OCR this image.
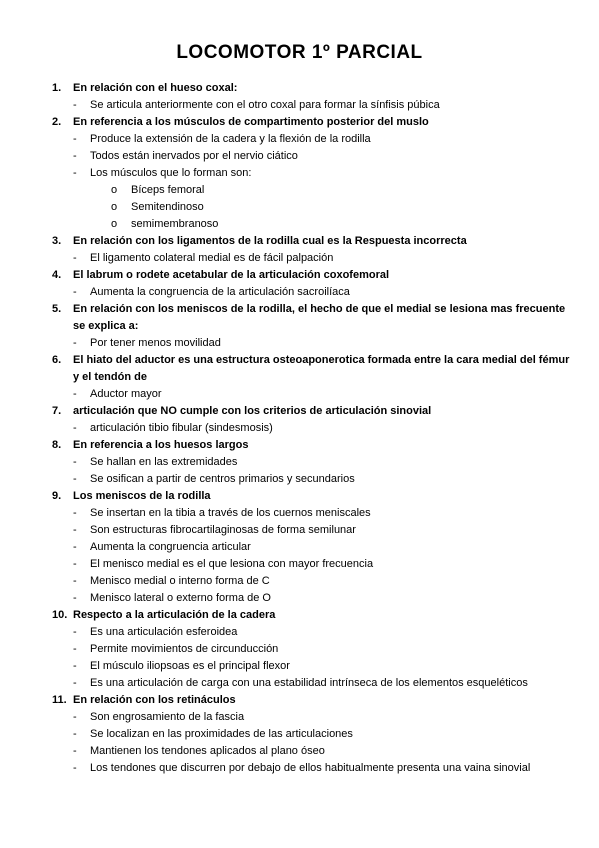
LOCOMOTOR 1º PARCIAL
1.	En relación con el hueso coxal:
-	Se articula anteriormente con el otro coxal para formar la sínfisis púbica
2.	En referencia a los músculos de compartimento posterior del muslo
-	Produce la extensión de la cadera y la flexión de la rodilla
-	Todos están inervados por el nervio ciático
-	Los músculos que lo forman son:
o	Bíceps femoral
o	Semitendinoso
o	semimembranoso
3.	En relación con los ligamentos de la rodilla cual es la Respuesta incorrecta
-	El ligamento colateral medial es de fácil palpación
4.	El labrum o rodete acetabular de la articulación coxofemoral
-	Aumenta la congruencia de la articulación sacroilíaca
5.	En relación con los meniscos de la rodilla, el hecho de que el medial se lesiona mas frecuente se explica a:
-	Por tener menos movilidad
6.	El hiato del aductor es una estructura osteoaponerotica formada entre la cara medial del fémur y el tendón de
-	Aductor mayor
7.	articulación que NO cumple con los criterios de articulación sinovial
-	articulación tibio fibular (sindesmosis)
8.	En referencia a los huesos largos
-	Se hallan en las extremidades
-	Se osifican a partir de centros primarios y secundarios
9.	Los meniscos de la rodilla
-	Se insertan en la tibia a través de los cuernos meniscales
-	Son estructuras fibrocartilaginosas de forma semilunar
-	Aumenta la congruencia articular
-	El menisco medial es el que lesiona con mayor frecuencia
-	Menisco medial o interno forma de C
-	Menisco lateral o externo forma de O
10. Respecto a la articulación de la cadera
-	Es una articulación esferoidea
-	Permite movimientos de circunducción
-	El músculo iliopsoas es el principal flexor
-	Es una articulación de carga con una estabilidad intrínseca de los elementos esqueléticos
11. En relación con los retináculos
-	Son engrosamiento de la fascia
-	Se localizan en las proximidades de las articulaciones
-	Mantienen los tendones aplicados al plano óseo
-	Los tendones que discurren por debajo de ellos habitualmente presenta una vaina sinovial
